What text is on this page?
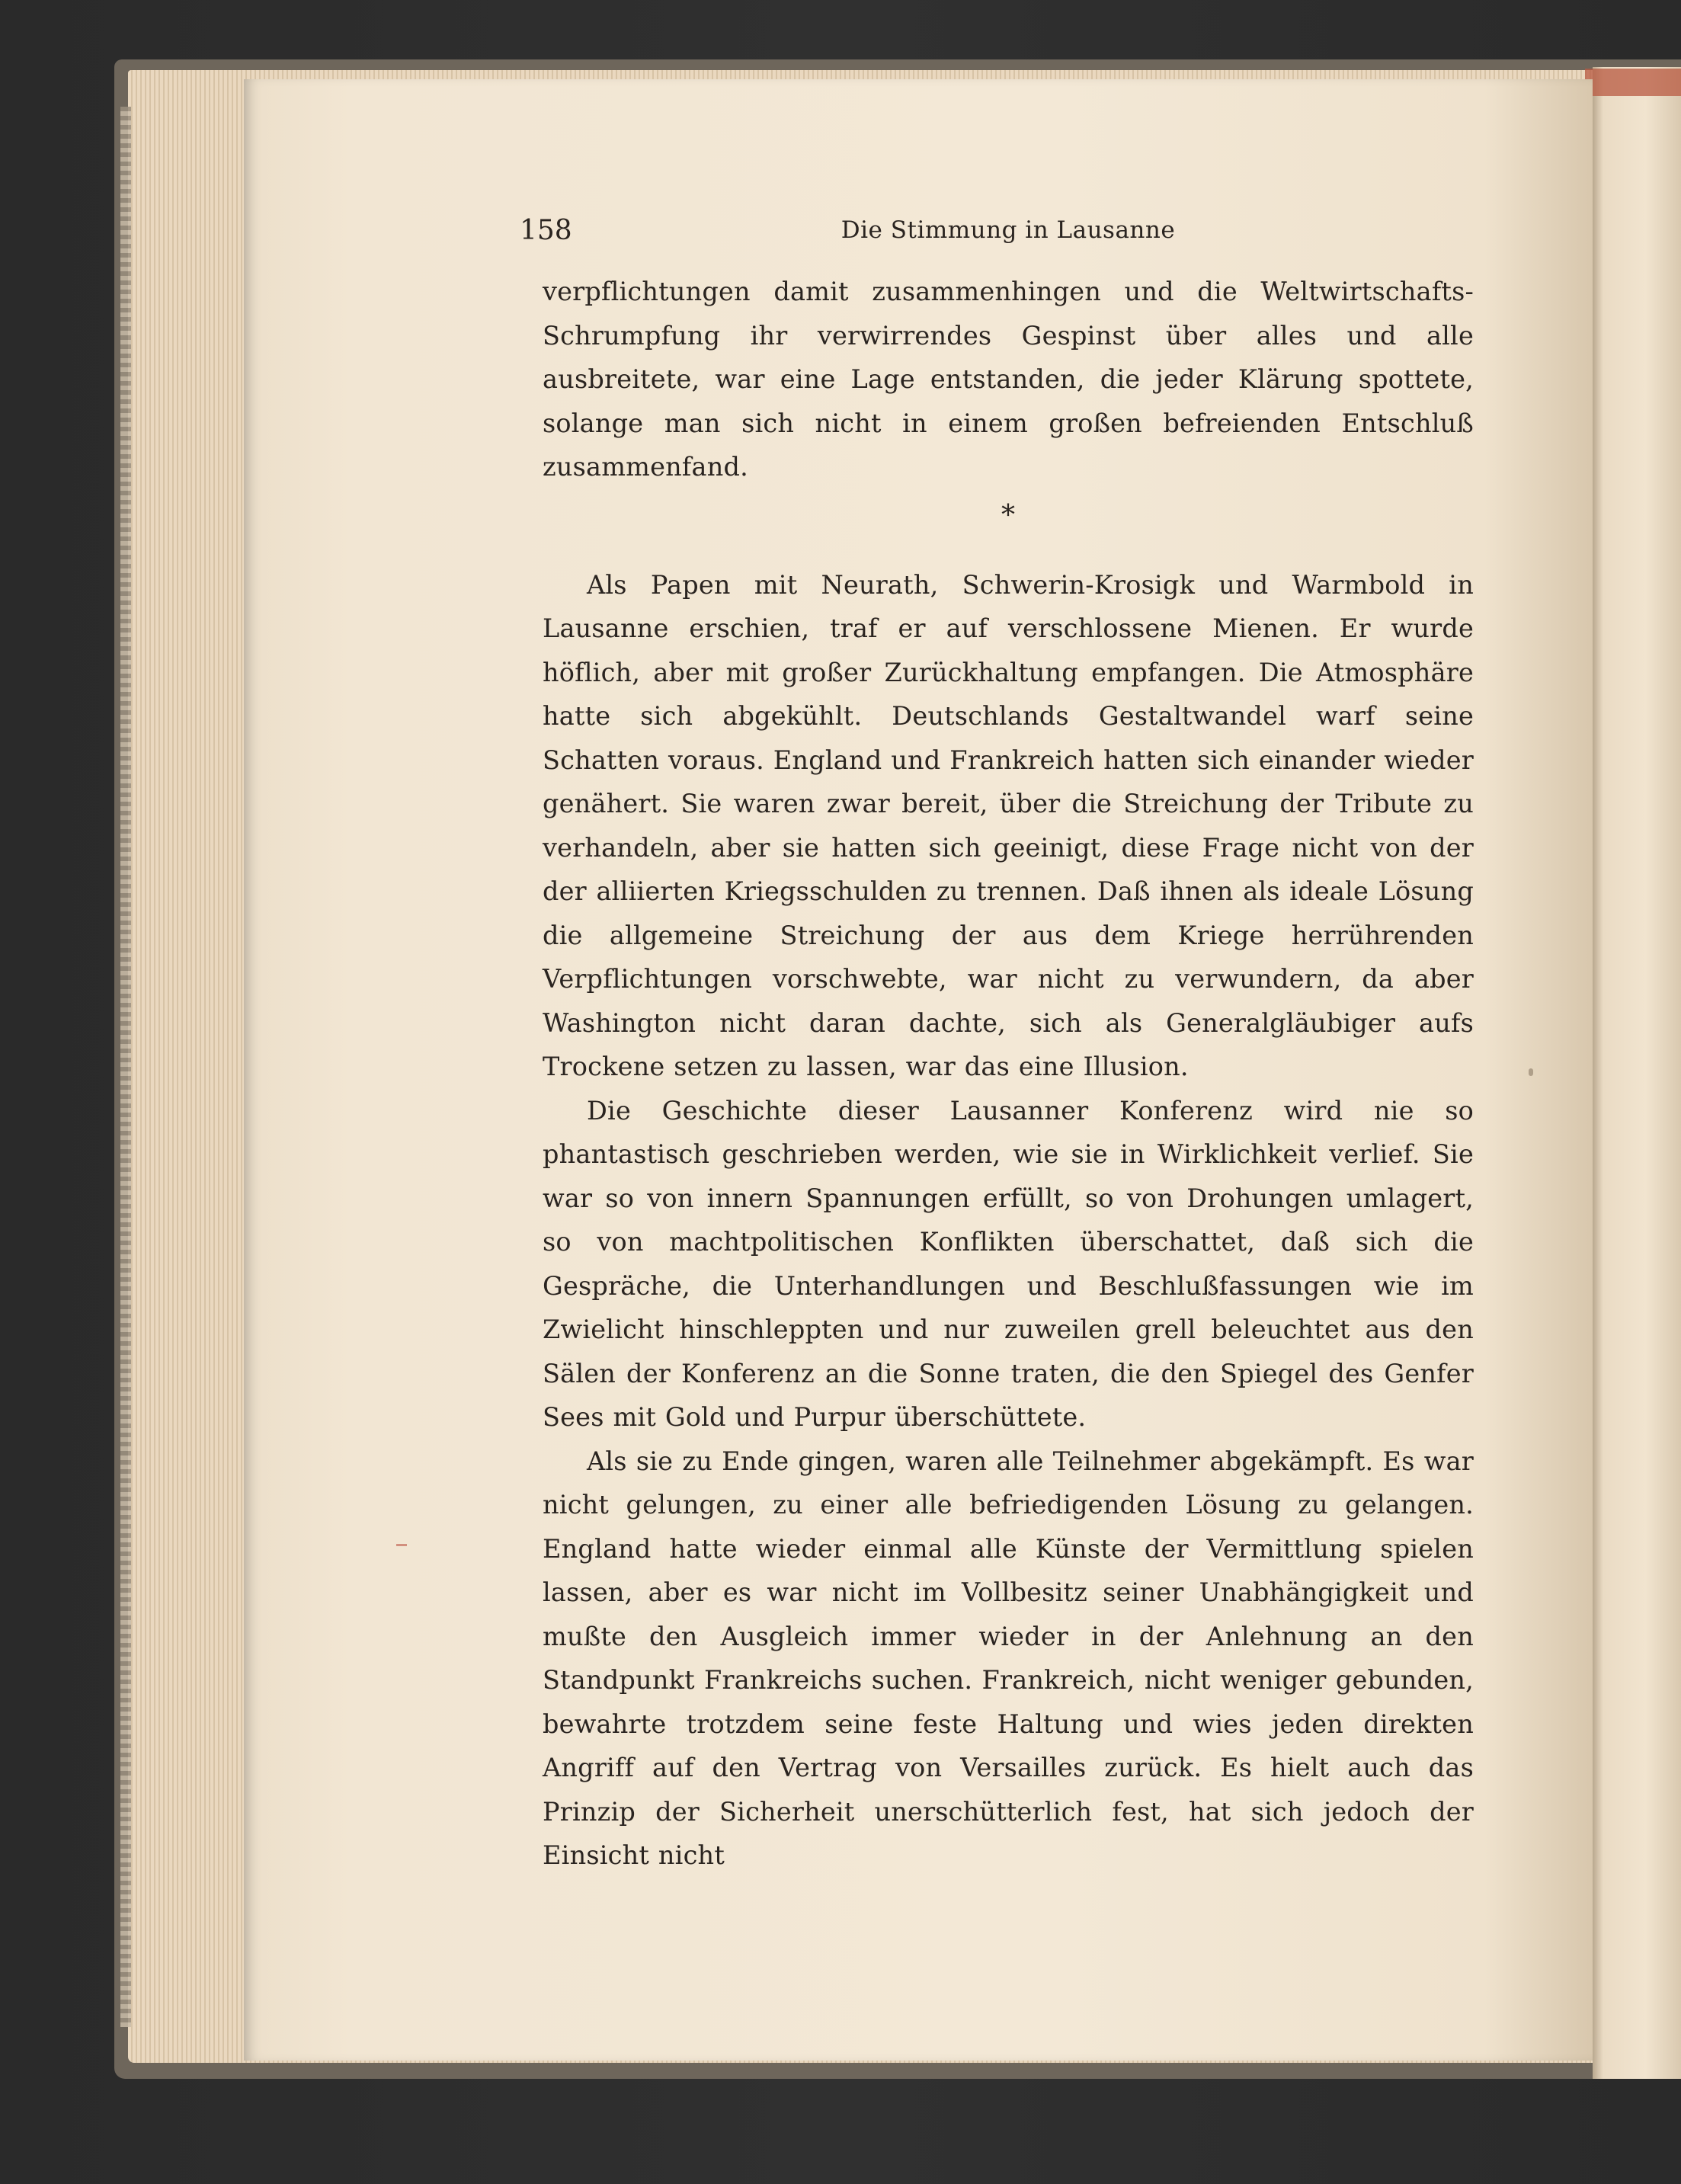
158	Die Stimmung in Lausanne

verpflichtungen damit zusammenhingen und die Weltwirtschafts-Schrumpfung ihr verwirrendes Gespinst über alles und alle ausbreitete, war eine Lage entstanden, die jeder Klärung spottete, solange man sich nicht in einem großen befreienden Entschluß zusammenfand.

*

Als Papen mit Neurath, Schwerin-Krosigk und Warmbold in Lausanne erschien, traf er auf verschlossene Mienen. Er wurde höflich, aber mit großer Zurückhaltung empfangen. Die Atmosphäre hatte sich abgekühlt. Deutschlands Gestaltwandel warf seine Schatten voraus. England und Frankreich hatten sich einander wieder genähert. Sie waren zwar bereit, über die Streichung der Tribute zu verhandeln, aber sie hatten sich geeinigt, diese Frage nicht von der der alliierten Kriegsschulden zu trennen. Daß ihnen als ideale Lösung die allgemeine Streichung der aus dem Kriege herrührenden Verpflichtungen vorschwebte, war nicht zu verwundern, da aber Washington nicht daran dachte, sich als Generalgläubiger aufs Trockene setzen zu lassen, war das eine Illusion.

Die Geschichte dieser Lausanner Konferenz wird nie so phantastisch geschrieben werden, wie sie in Wirklichkeit verlief. Sie war so von innern Spannungen erfüllt, so von Drohungen umlagert, so von machtpolitischen Konflikten überschattet, daß sich die Gespräche, die Unterhandlungen und Beschlußfassungen wie im Zwielicht hinschleppten und nur zuweilen grell beleuchtet aus den Sälen der Konferenz an die Sonne traten, die den Spiegel des Genfer Sees mit Gold und Purpur überschüttete.

Als sie zu Ende gingen, waren alle Teilnehmer abgekämpft. Es war nicht gelungen, zu einer alle befriedigenden Lösung zu gelangen. England hatte wieder einmal alle Künste der Vermittlung spielen lassen, aber es war nicht im Vollbesitz seiner Unabhängigkeit und mußte den Ausgleich immer wieder in der Anlehnung an den Standpunkt Frankreichs suchen. Frankreich, nicht weniger gebunden, bewahrte trotzdem seine feste Haltung und wies jeden direkten Angriff auf den Vertrag von Versailles zurück. Es hielt auch das Prinzip der Sicherheit unerschütterlich fest, hat sich jedoch der Einsicht nicht
